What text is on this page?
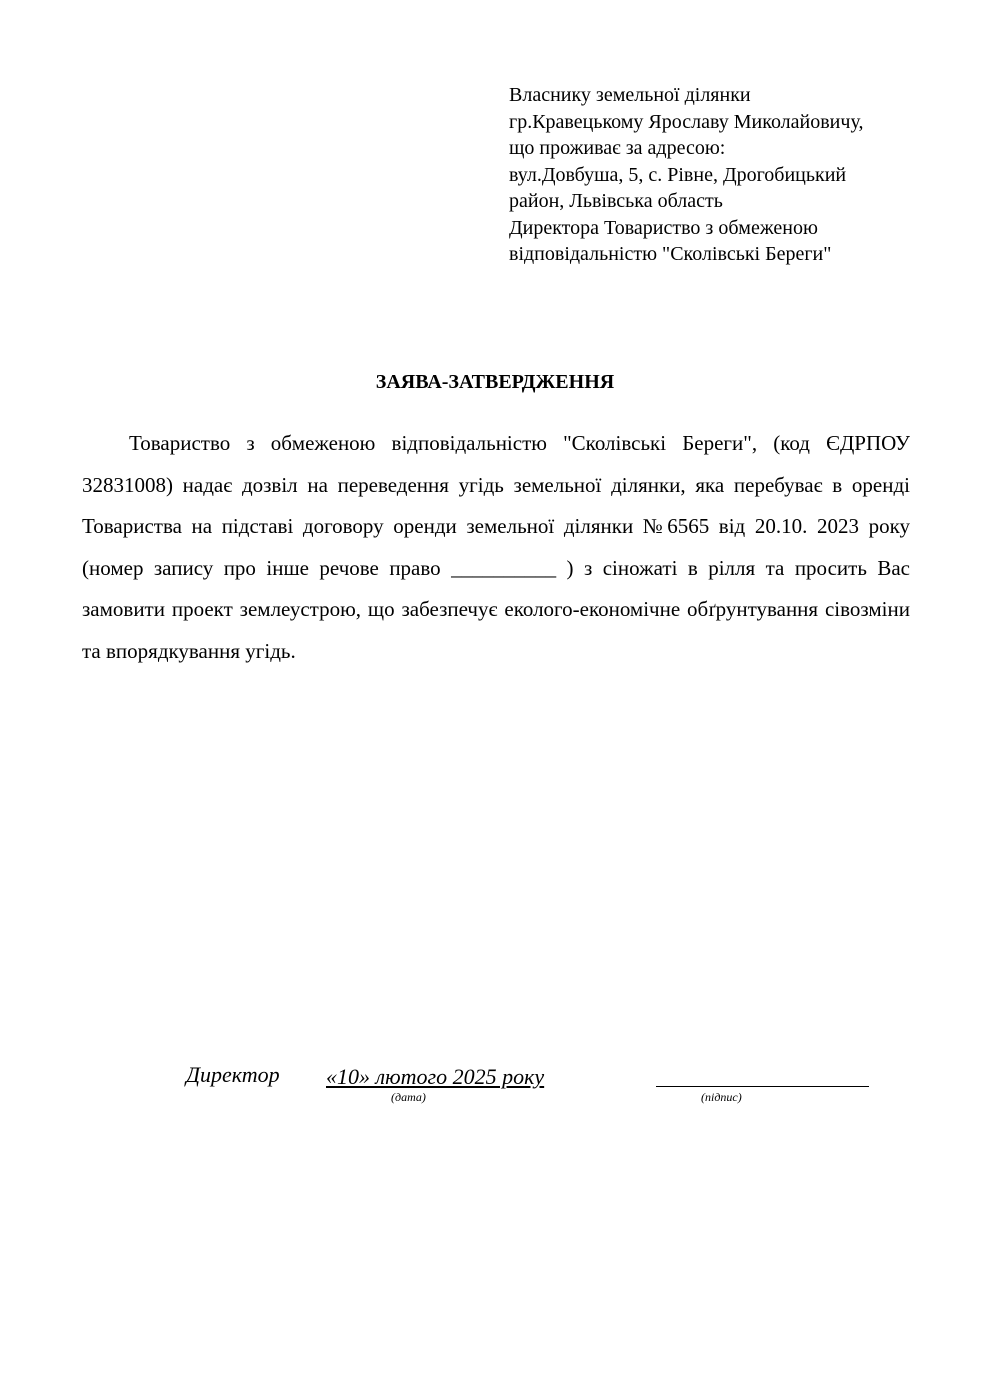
Власнику земельної ділянки
гр.Кравецькому Ярославу Миколайовичу,
що проживає за адресою:
вул.Довбуша, 5, с. Рівне, Дрогобицький
район, Львівська область
Директора Товариство з обмеженою
відповідальністю "Сколівські Береги"
ЗАЯВА-ЗАТВЕРДЖЕННЯ

Товариство з обмеженою відповідальністю "Сколівські Береги", (код ЄДРПОУ 32831008) надає дозвіл на переведення угідь земельної ділянки, яка перебуває в оренді Товариства на підставі договору оренди земельної ділянки №6565 від 20.10. 2023 року (номер запису про інше речове право __________ ) з сіножаті в рілля та просить Вас замовити проект землеустрою, що забезпечує еколого-економічне обґрунтування сівозміни та впорядкування угідь.

Директор «10» лютого 2025 року
(дата)	(підпис)
